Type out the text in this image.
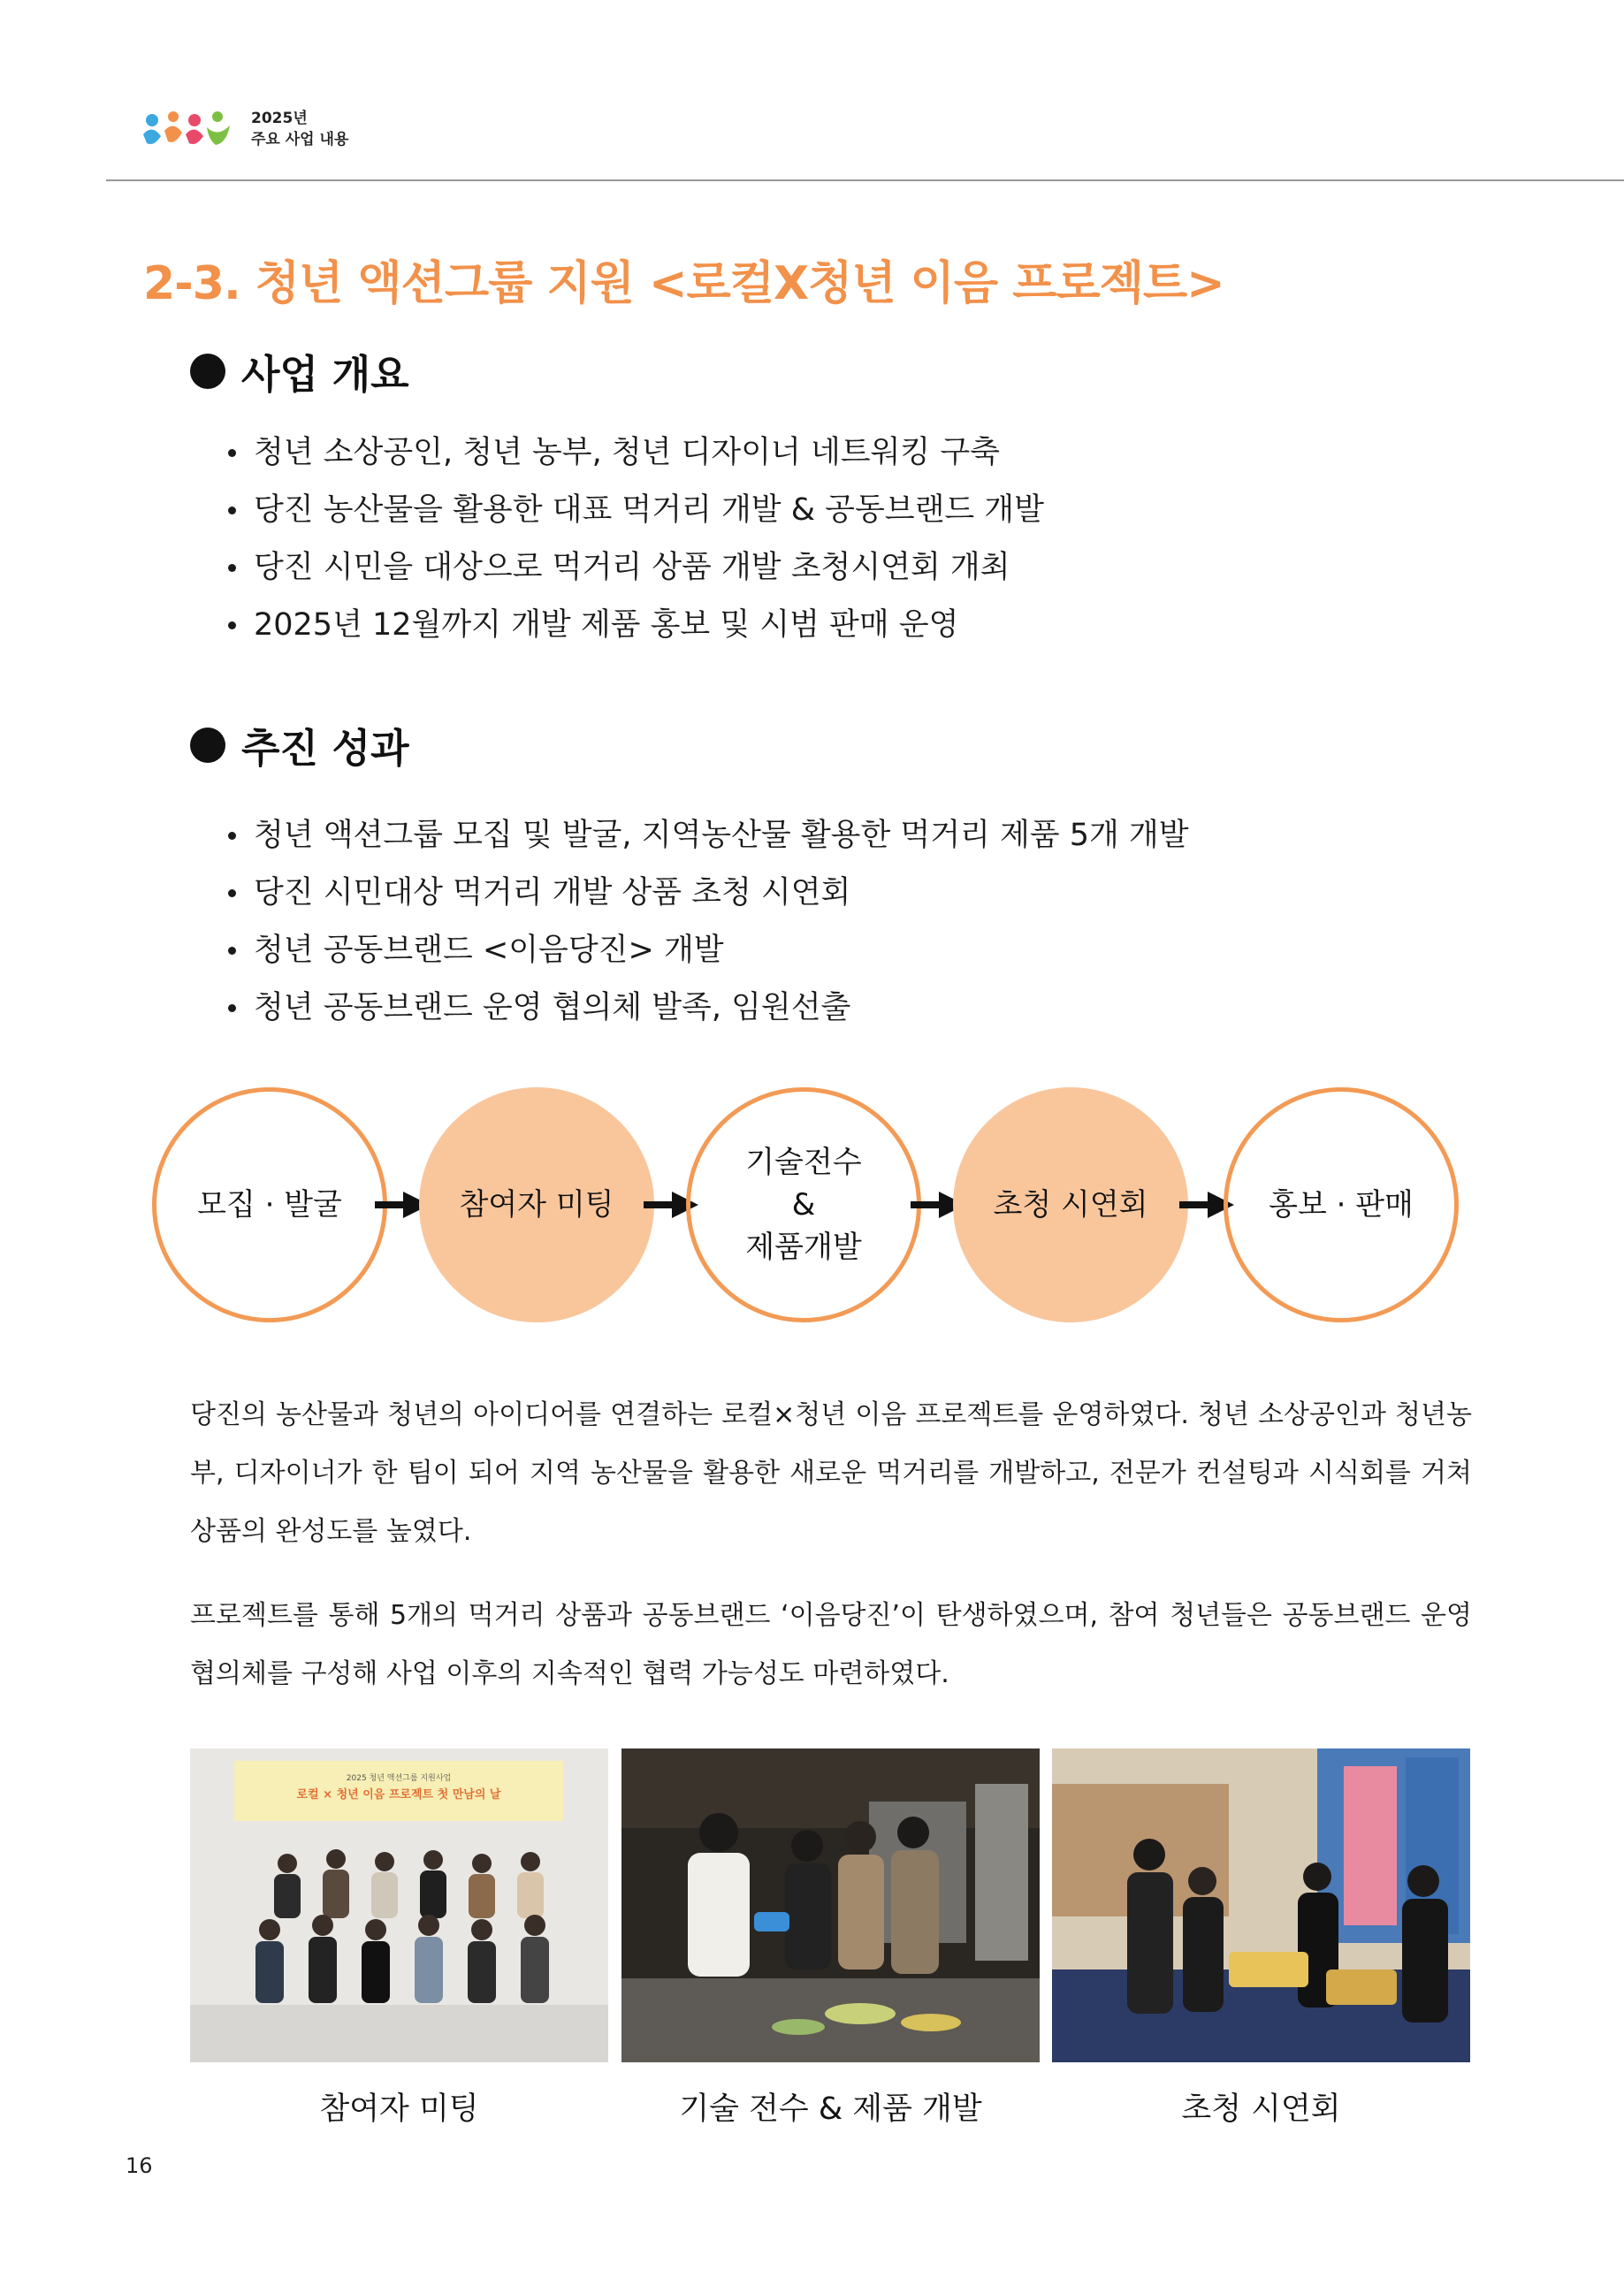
2025년
주요 사업 내용
2-3. 청년 액션그룹 지원 <로컬X청년 이음 프로젝트>
사업 개요
청년 소상공인, 청년 농부, 청년 디자이너 네트워킹 구축
당진 농산물을 활용한 대표 먹거리 개발 & 공동브랜드 개발
당진 시민을 대상으로 먹거리 상품 개발 초청시연회 개최
2025년 12월까지 개발 제품 홍보 및 시범 판매 운영
추진 성과
청년 액션그룹 모집 및 발굴, 지역농산물 활용한 먹거리 제품 5개 개발
당진 시민대상 먹거리 개발 상품 초청 시연회
청년 공동브랜드 <이음당진> 개발
청년 공동브랜드 운영 협의체 발족, 임원선출
모집 · 발굴	참여자 미팅
기술전수
&
제품개발
초청 시연회	홍보 · 판매

당진의 농산물과 청년의 아이디어를 연결하는 로컬×청년 이음 프로젝트를 운영하였다. 청년 소상공인과 청년농부, 디자이너가 한 팀이 되어 지역 농산물을 활용한 새로운 먹거리를 개발하고, 전문가 컨설팅과 시식회를 거쳐 상품의 완성도를 높였다.

프로젝트를 통해 5개의 먹거리 상품과 공동브랜드 ‘이음당진’이 탄생하였으며, 참여 청년들은 공동브랜드 운영협의체를 구성해 사업 이후의 지속적인 협력 가능성도 마련하였다.

2025 청년 액션그룹 지원사업
로컬 × 청년 이음 프로젝트 첫 만남의 날
참여자 미팅	기술 전수 & 제품 개발	초청 시연회
16
